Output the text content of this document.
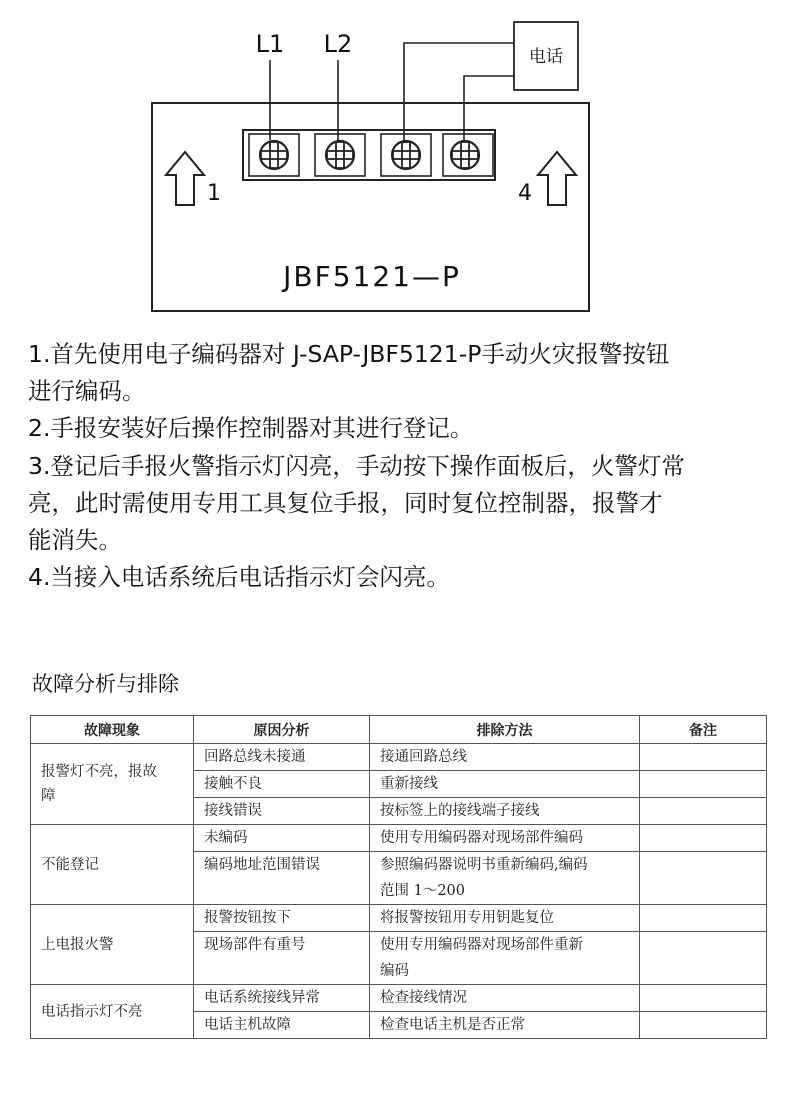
电话
L1 L2
1	4
JBF5121—P

1.首先使用电子编码器对 J-SAP-JBF5121-P手动火灾报警按钮

进行编码。

2.手报安装好后操作控制器对其进行登记。

3.登记后手报火警指示灯闪亮，手动按下操作面板后，火警灯常

亮，此时需使用专用工具复位手报，同时复位控制器，报警才

能消失。

4.当接入电话系统后电话指示灯会闪亮。

故障分析与排除
故障现象	原因分析	排除方法	备注
报警灯不亮，报故
障	回路总线未接通	接通回路总线	
	接触不良	重新接线	
	接线错误	按标签上的接线端子接线	
不能登记	未编码	使用专用编码器对现场部件编码	
	编码地址范围错误	参照编码器说明书重新编码,编码
范围 1～200	

上电报火警	报警按钮按下	将报警按钮用专用钥匙复位	
	现场部件有重号	使用专用编码器对现场部件重新
编码	

电话指示灯不亮	电话系统接线异常	检查接线情况	
	电话主机故障	检查电话主机是否正常	
